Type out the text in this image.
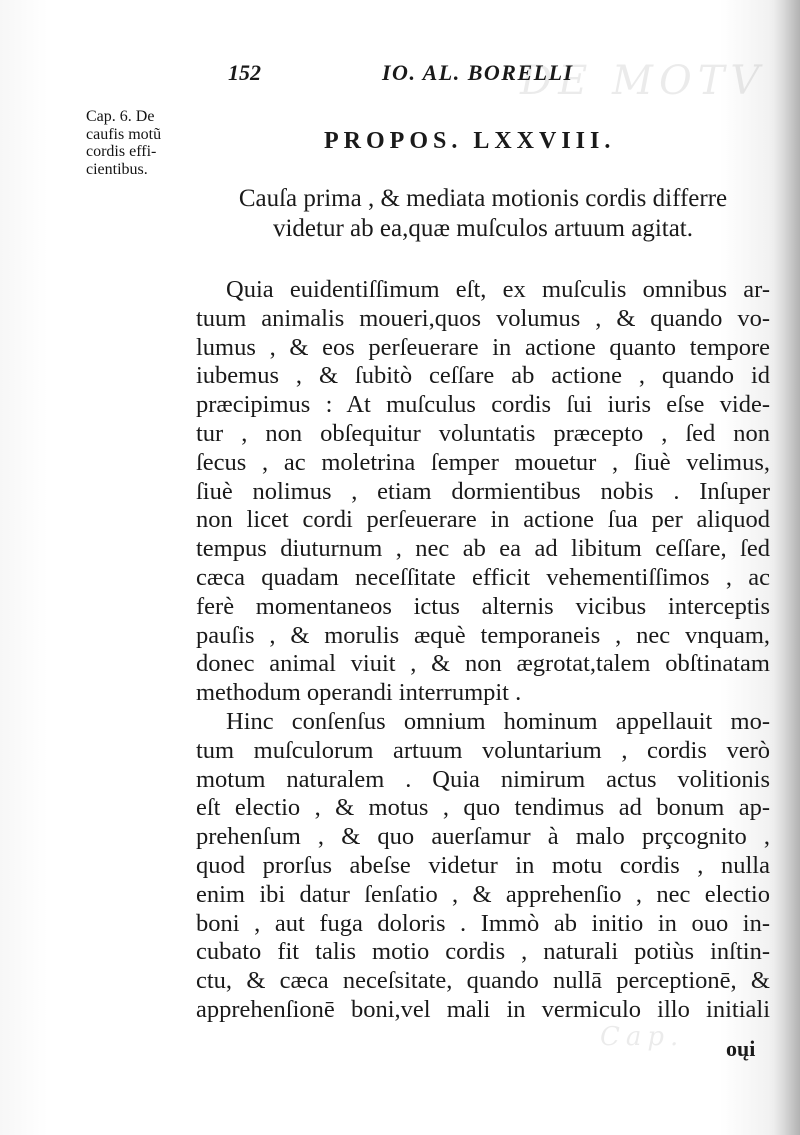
DE MOTV
Cap.
152	IO. AL. BORELLI
Cap. 6. De
caufis motũ
cordis effi-
cientibus.
PROPOS. LXXVIII.
Cauſa prima , & mediata motionis cordis differre
videtur ab ea,quæ muſculos artuum agitat.
Quia euidentiſſimum eſt, ex muſculis omnibus ar-
tuum animalis moueri,quos volumus , & quando vo-
lumus , & eos perſeuerare in actione quanto tempore
iubemus , & ſubitò ceſſare ab actione , quando id
præcipimus : At muſculus cordis ſui iuris eſse vide-
tur , non obſequitur voluntatis præcepto , ſed non
ſecus , ac moletrina ſemper mouetur , ſiuè velimus,
ſiuè nolimus , etiam dormientibus nobis . Inſuper
non licet cordi perſeuerare in actione ſua per aliquod
tempus diuturnum , nec ab ea ad libitum ceſſare, ſed
cæca quadam neceſſitate efficit vehementiſſimos , ac
ferè momentaneos ictus alternis vicibus interceptis
pauſis , & morulis æquè temporaneis , nec vnquam,
donec animal viuit , & non ægrotat,talem obſtinatam
methodum operandi interrumpit .
Hinc conſenſus omnium hominum appellauit mo-
tum muſculorum artuum voluntarium , cordis verò
motum naturalem . Quia nimirum actus volitionis
eſt electio , & motus , quo tendimus ad bonum ap-
prehenſum , & quo auerſamur à malo prçcognito ,
quod prorſus abeſse videtur in motu cordis , nulla
enim ibi datur ſenſatio , & apprehenſio , nec electio
boni , aut fuga doloris . Immò ab initio in ouo in-
cubato fit talis motio cordis , naturali potiùs inſtin-
ctu, & cæca neceſsitate, quando nullā perceptionē, &
apprehenſionē boni,vel mali in vermiculo illo initiali
oųi
